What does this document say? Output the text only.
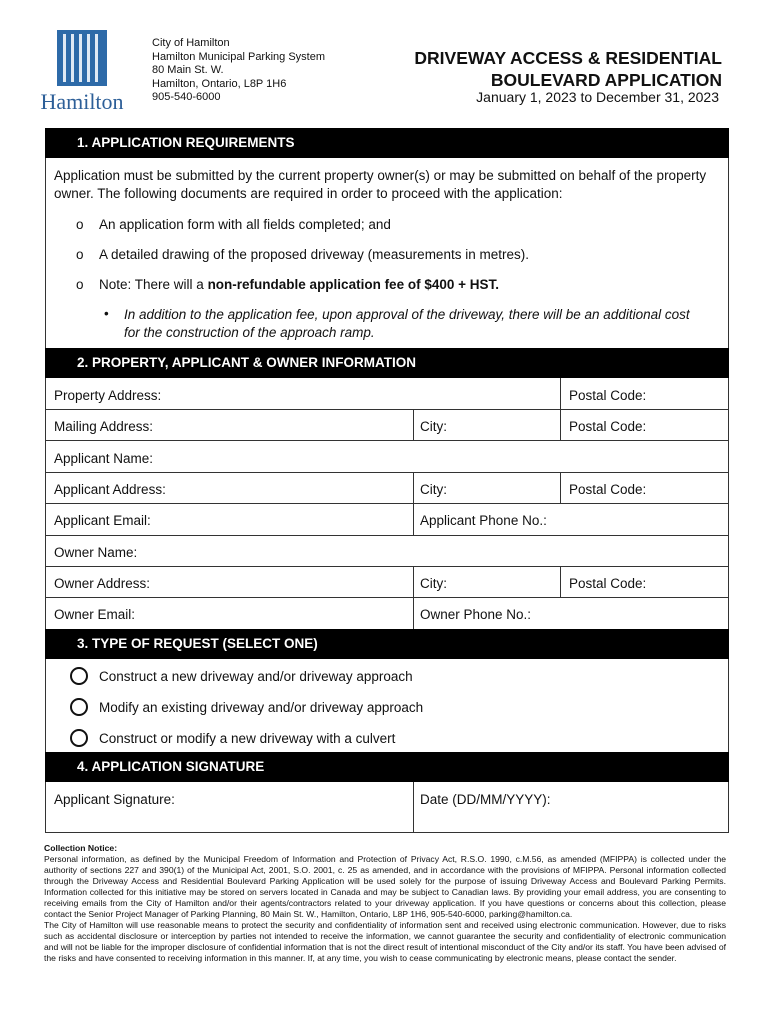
Hamilton
City of Hamilton
Hamilton Municipal Parking System
80 Main St. W.
Hamilton, Ontario, L8P 1H6
905-540-6000
DRIVEWAY ACCESS & RESIDENTIAL
BOULEVARD APPLICATION
January 1, 2023 to December 31, 2023
1. APPLICATION REQUIREMENTS
Application must be submitted by the current property owner(s) or may be submitted on behalf of the property
owner. The following documents are required in order to proceed with the application:
o An application form with all fields completed; and
o A detailed drawing of the proposed driveway (measurements in metres).
o Note: There will a non-refundable application fee of $400 + HST.
• In addition to the application fee, upon approval of the driveway, there will be an additional cost
for the construction of the approach ramp.
2. PROPERTY, APPLICANT & OWNER INFORMATION
Property Address:	Postal Code:
Mailing Address:	City:	Postal Code:
Applicant Name:
Applicant Address:	City:	Postal Code:
Applicant Email:	Applicant Phone No.:
Owner Name:
Owner Address:	City:	Postal Code:
Owner Email:	Owner Phone No.:
3. TYPE OF REQUEST (SELECT ONE)
Construct a new driveway and/or driveway approach
Modify an existing driveway and/or driveway approach
Construct or modify a new driveway with a culvert
4. APPLICATION SIGNATURE
Applicant Signature:	Date (DD/MM/YYYY):
Collection Notice:
Personal information, as defined by the Municipal Freedom of Information and Protection of Privacy Act, R.S.O. 1990, c.M.56, as amended (MFIPPA) is collected under the authority of sections 227 and 390(1) of the Municipal Act, 2001, S.O. 2001, c. 25 as amended, and in accordance with the provisions of MFIPPA. Personal information collected through the Driveway Access and Residential Boulevard Parking Application will be used solely for the purpose of issuing Driveway Access and Boulevard Parking Permits. Information collected for this initiative may be stored on servers located in Canada and may be subject to Canadian laws. By providing your email address, you are consenting to receiving emails from the City of Hamilton and/or their agents/contractors related to your driveway application. If you have questions or concerns about this collection, please contact the Senior Project Manager of Parking Planning, 80 Main St. W., Hamilton, Ontario, L8P 1H6, 905-540-6000, parking@hamilton.ca.
The City of Hamilton will use reasonable means to protect the security and confidentiality of information sent and received using electronic communication. However, due to risks such as accidental disclosure or interception by parties not intended to receive the information, we cannot guarantee the security and confidentiality of electronic communication and will not be liable for the improper disclosure of confidential information that is not the direct result of intentional misconduct of the City and/or its staff. You have been advised of the risks and have consented to receiving information in this manner. If, at any time, you wish to cease communicating by electronic means, please contact the sender.
